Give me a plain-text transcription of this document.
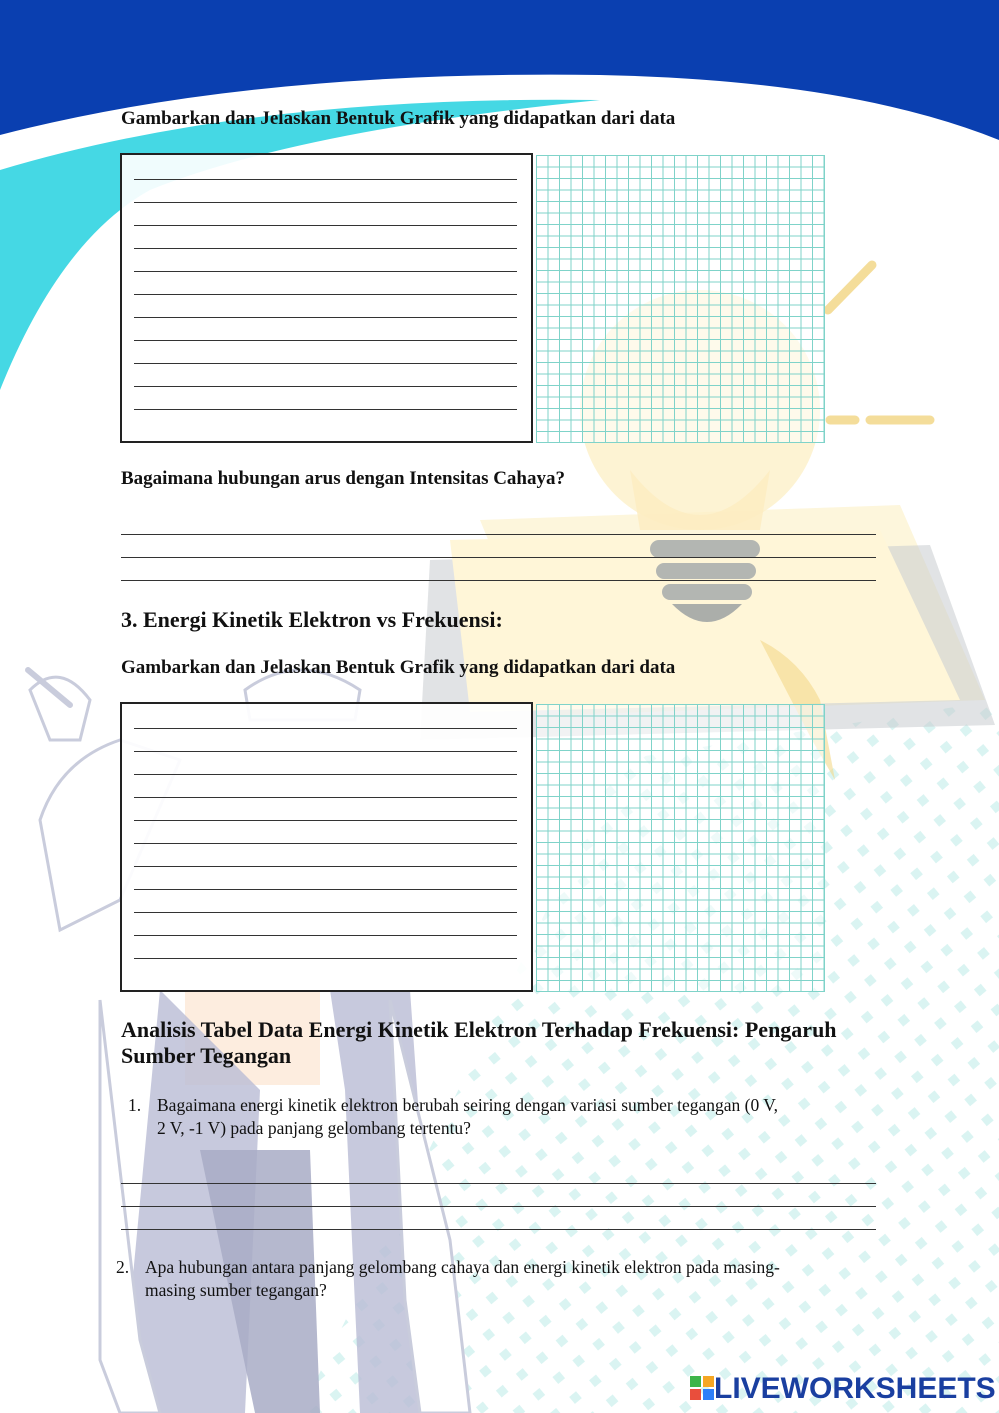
Gambarkan dan Jelaskan Bentuk Grafik yang didapatkan dari data
Bagaimana hubungan arus dengan Intensitas Cahaya?
3. Energi Kinetik Elektron vs Frekuensi:
Gambarkan dan Jelaskan Bentuk Grafik yang didapatkan dari data
Analisis Tabel Data Energi Kinetik Elektron Terhadap Frekuensi: Pengaruh
Sumber Tegangan
1. Bagaimana energi kinetik elektron berubah seiring dengan variasi sumber tegangan (0 V,
2 V, -1 V) pada panjang gelombang tertentu?
2. Apa hubungan antara panjang gelombang cahaya dan energi kinetik elektron pada masing-
masing sumber tegangan?
LIVEWORKSHEETS
